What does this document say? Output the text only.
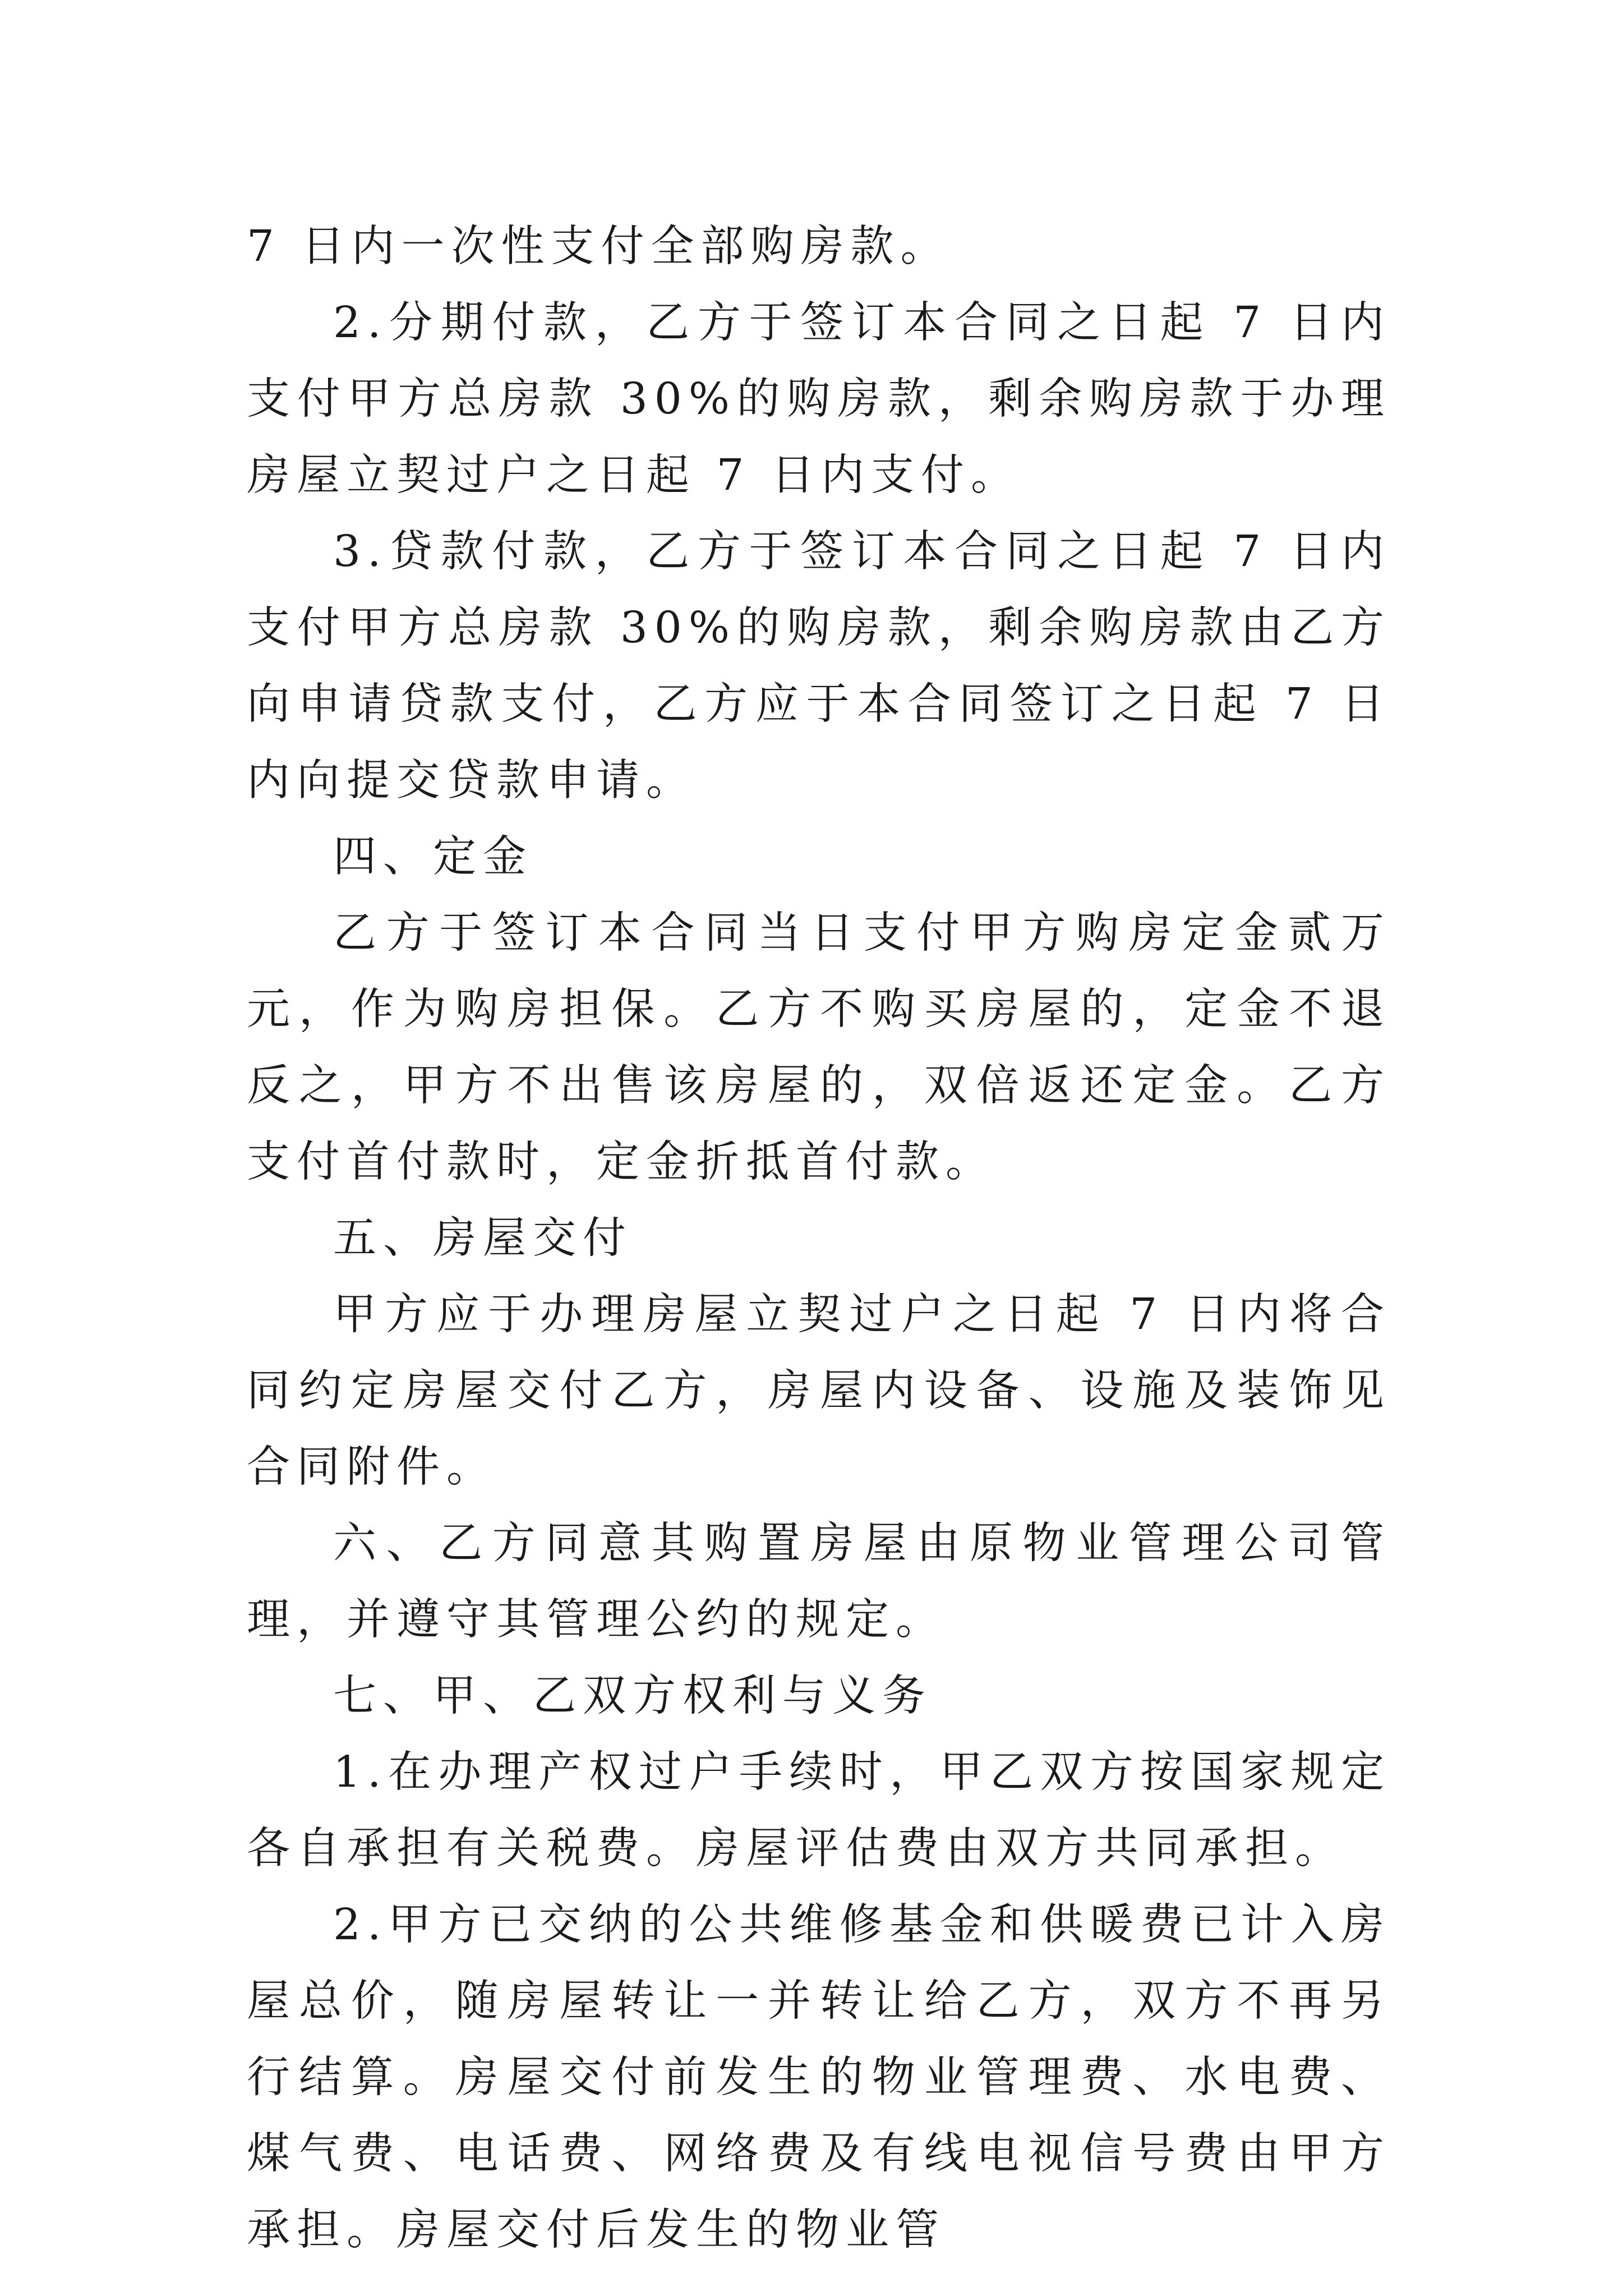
7 日内一次性支付全部购房款。

2.分期付款，乙方于签订本合同之日起 7 日内支付甲方总房款 30%的购房款，剩余购房款于办理房屋立契过户之日起 7 日内支付。

3.贷款付款，乙方于签订本合同之日起 7 日内支付甲方总房款 30%的购房款，剩余购房款由乙方向申请贷款支付，乙方应于本合同签订之日起 7 日内向提交贷款申请。

四、定金

乙方于签订本合同当日支付甲方购房定金贰万元，作为购房担保。乙方不购买房屋的，定金不退反之，甲方不出售该房屋的，双倍返还定金。乙方支付首付款时，定金折抵首付款。

五、房屋交付

甲方应于办理房屋立契过户之日起 7 日内将合同约定房屋交付乙方，房屋内设备、设施及装饰见合同附件。

六、乙方同意其购置房屋由原物业管理公司管理，并遵守其管理公约的规定。

七、甲、乙双方权利与义务

1.在办理产权过户手续时，甲乙双方按国家规定各自承担有关税费。房屋评估费由双方共同承担。

2.甲方已交纳的公共维修基金和供暖费已计入房屋总价，随房屋转让一并转让给乙方，双方不再另行结算。房屋交付前发生的物业管理费、水电费、煤气费、电话费、网络费及有线电视信号费由甲方承担。房屋交付后发生的物业管
